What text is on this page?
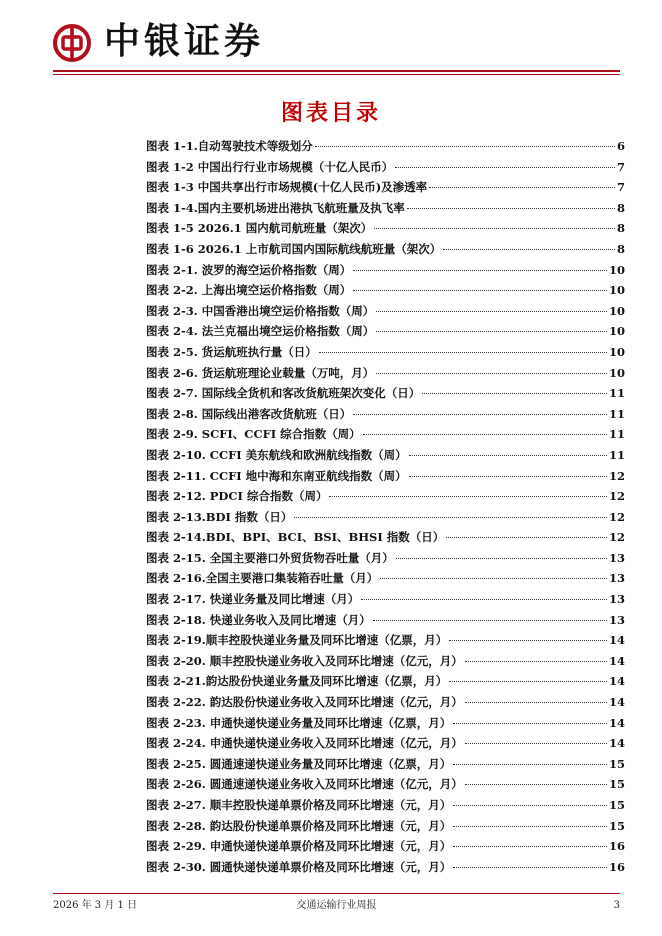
中银证券
图表目录
图表 1-1.自动驾驶技术等级划分	6
图表 1-2 中国出行行业市场规模（十亿人民币）	7
图表 1-3 中国共享出行市场规模(十亿人民币)及渗透率	7
图表 1-4.国内主要机场进出港执飞航班量及执飞率	8
图表 1-5 2026.1 国内航司航班量（架次）	8
图表 1-6 2026.1 上市航司国内国际航线航班量（架次）	8
图表 2-1. 波罗的海空运价格指数（周）	10
图表 2-2. 上海出境空运价格指数（周）	10
图表 2-3. 中国香港出境空运价格指数（周）	10
图表 2-4. 法兰克福出境空运价格指数（周）	10
图表 2-5. 货运航班执行量（日）	10
图表 2-6. 货运航班理论业载量（万吨，月）	10
图表 2-7. 国际线全货机和客改货航班架次变化（日）	11
图表 2-8. 国际线出港客改货航班（日）	11
图表 2-9. SCFI、CCFI 综合指数（周）	11
图表 2-10. CCFI 美东航线和欧洲航线指数（周）	11
图表 2-11. CCFI 地中海和东南亚航线指数（周）	12
图表 2-12. PDCI 综合指数（周）	12
图表 2-13.BDI 指数（日）	12
图表 2-14.BDI、BPI、BCI、BSI、BHSI 指数（日）	12
图表 2-15. 全国主要港口外贸货物吞吐量（月）	13
图表 2-16.全国主要港口集装箱吞吐量（月）	13
图表 2-17. 快递业务量及同比增速（月）	13
图表 2-18. 快递业务收入及同比增速（月）	13
图表 2-19.顺丰控股快递业务量及同环比增速（亿票，月）	14
图表 2-20. 顺丰控股快递业务收入及同环比增速（亿元，月）	14
图表 2-21.韵达股份快递业务量及同环比增速（亿票，月）	14
图表 2-22. 韵达股份快递业务收入及同环比增速（亿元，月）	14
图表 2-23. 申通快递快递业务量及同环比增速（亿票，月）	14
图表 2-24. 申通快递快递业务收入及同环比增速（亿元，月）	14
图表 2-25. 圆通速递快递业务量及同环比增速（亿票，月）	15
图表 2-26. 圆通速递快递业务收入及同环比增速（亿元，月）	15
图表 2-27. 顺丰控股快递单票价格及同环比增速（元，月）	15
图表 2-28. 韵达股份快递单票价格及同环比增速（元，月）	15
图表 2-29. 申通快递快递单票价格及同环比增速（元，月）	16
图表 2-30. 圆通快递快递单票价格及同环比增速（元，月）	16
2026 年 3 月 1 日	交通运输行业周报	3
